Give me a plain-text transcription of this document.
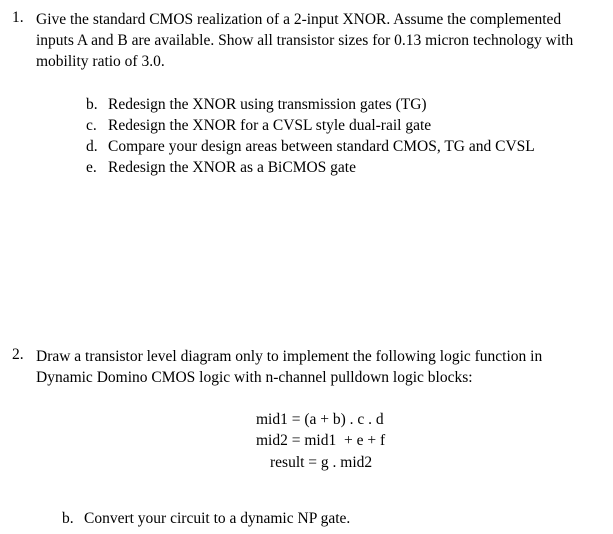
1. Give the standard CMOS realization of a 2-input XNOR. Assume the complemented inputs A and B are available. Show all transistor sizes for 0.13 micron technology with mobility ratio of 3.0.

b. Redesign the XNOR using transmission gates (TG)
c. Redesign the XNOR for a CVSL style dual-rail gate
d. Compare your design areas between standard CMOS, TG and CVSL
e. Redesign the XNOR as a BiCMOS gate
2. Draw a transistor level diagram only to implement the following logic function in Dynamic Domino CMOS logic with n-channel pulldown logic blocks:

mid1 = (a + b) . c . d
mid2 = mid1  + e + f
result = g . mid2
b. Convert your circuit to a dynamic NP gate.
